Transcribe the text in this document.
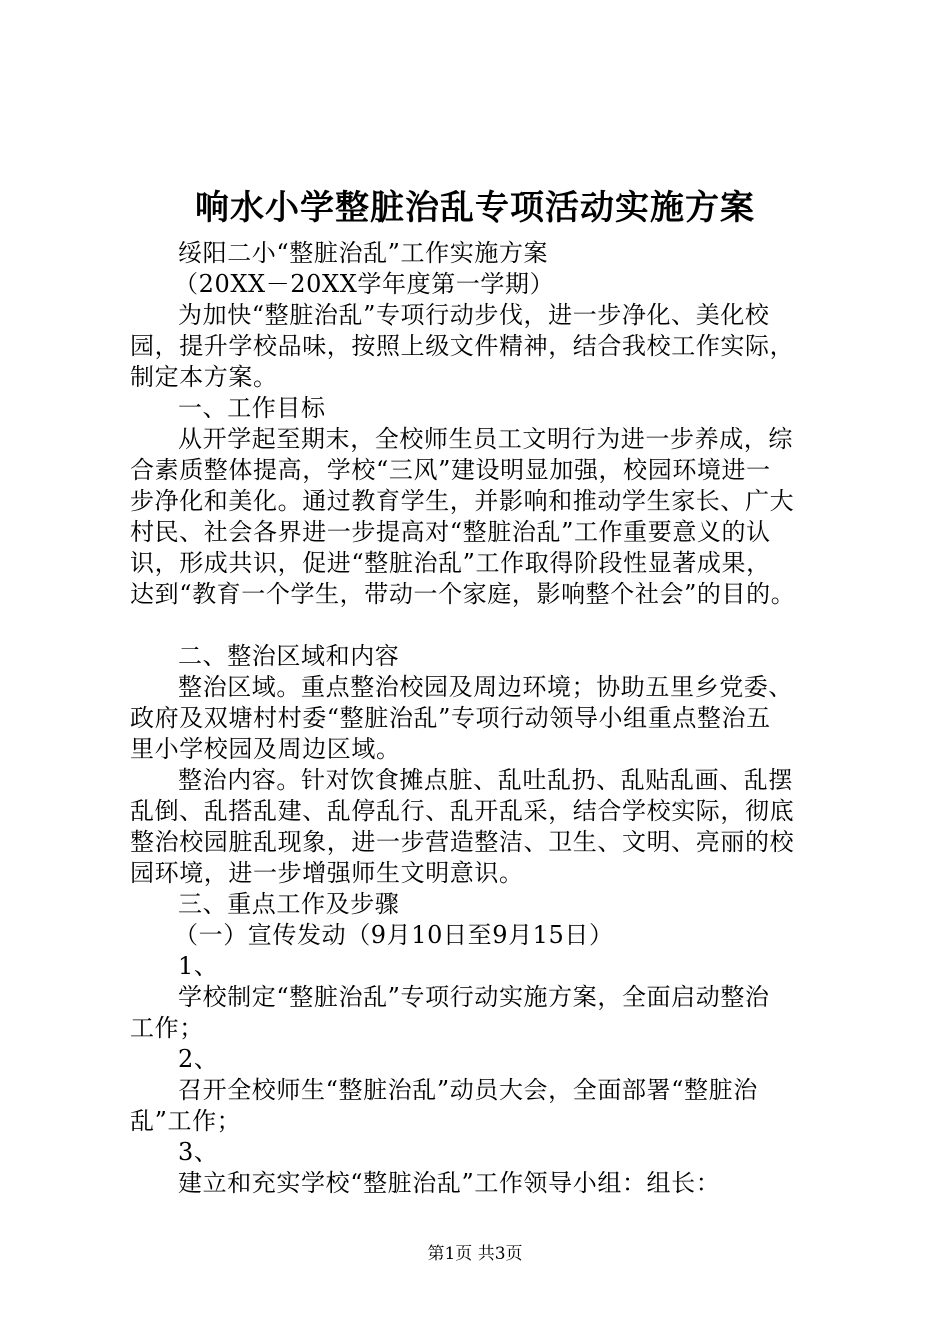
响水小学整脏治乱专项活动实施方案
绥阳二小“整脏治乱”工作实施方案
（20XX－20XX学年度第一学期）
为加快“整脏治乱”专项行动步伐，进一步净化、美化校
园，提升学校品味，按照上级文件精神，结合我校工作实际，
制定本方案。
一、工作目标
从开学起至期末，全校师生员工文明行为进一步养成，综
合素质整体提高，学校“三风”建设明显加强，校园环境进一
步净化和美化。通过教育学生，并影响和推动学生家长、广大
村民、社会各界进一步提高对“整脏治乱”工作重要意义的认
识，形成共识，促进“整脏治乱”工作取得阶段性显著成果，
达到“教育一个学生，带动一个家庭，影响整个社会”的目的。
二、整治区域和内容
整治区域。重点整治校园及周边环境；协助五里乡党委、
政府及双塘村村委“整脏治乱”专项行动领导小组重点整治五
里小学校园及周边区域。
整治内容。针对饮食摊点脏、乱吐乱扔、乱贴乱画、乱摆
乱倒、乱搭乱建、乱停乱行、乱开乱采，结合学校实际，彻底
整治校园脏乱现象，进一步营造整洁、卫生、文明、亮丽的校
园环境，进一步增强师生文明意识。
三、重点工作及步骤
（一）宣传发动（9月10日至9月15日）
1、
学校制定“整脏治乱”专项行动实施方案，全面启动整治
工作；
2、
召开全校师生“整脏治乱”动员大会，全面部署“整脏治
乱”工作；
3、
建立和充实学校“整脏治乱”工作领导小组：组长：
第1页 共3页
